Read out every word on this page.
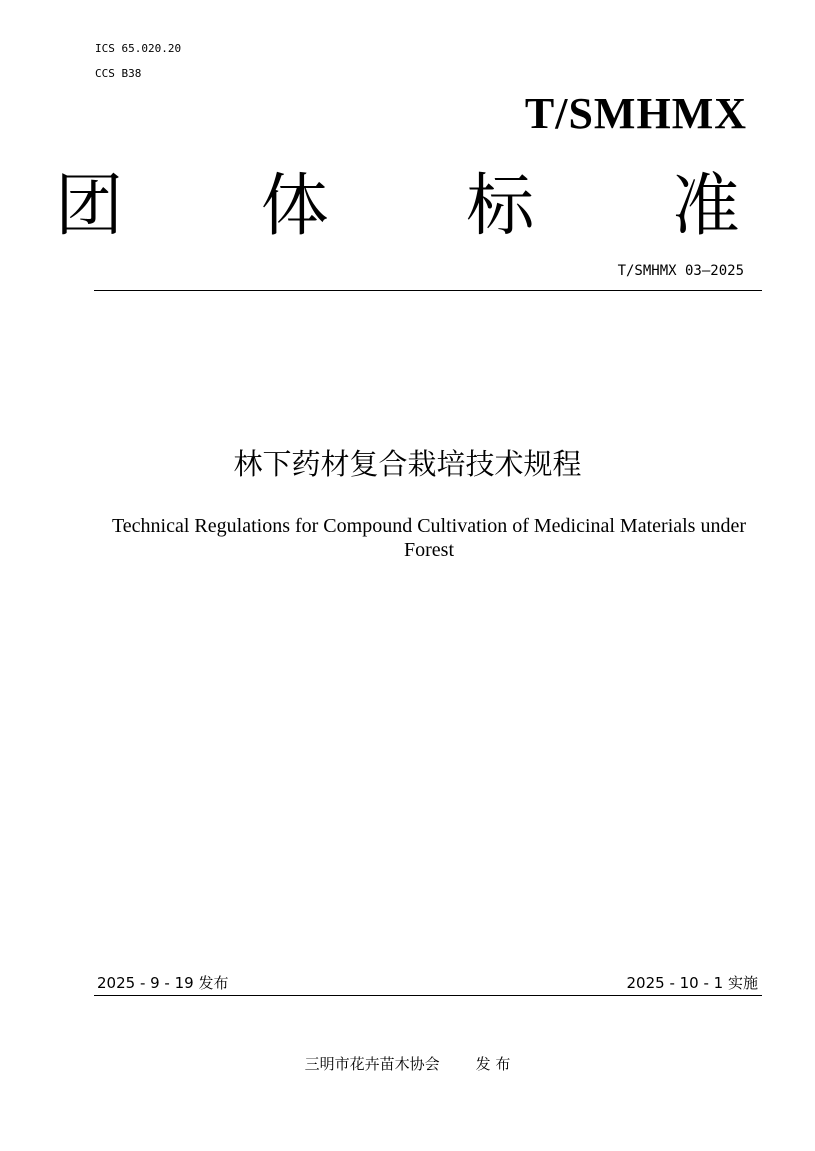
ICS 65.020.20
CCS B38
T/SMHMX
团 体 标 准
T/SMHMX 03—2025
林下药材复合栽培技术规程
Technical Regulations for Compound Cultivation of Medicinal Materials under Forest
2025 - 9 - 19 发布	2025 - 10 - 1 实施
三明市花卉苗木协会 发 布
